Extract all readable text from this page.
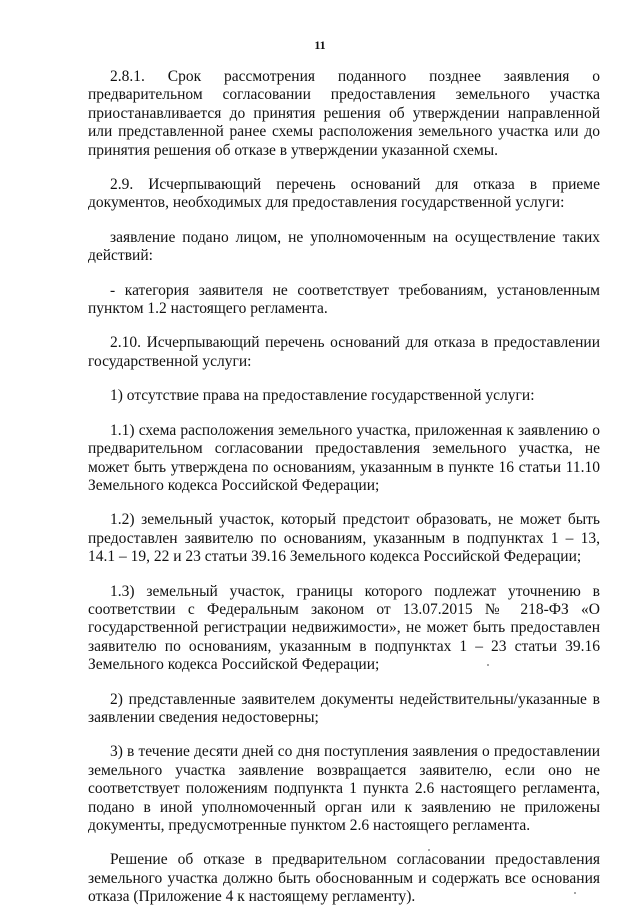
11

2.8.1. Срок рассмотрения поданного позднее заявления о предварительном согласовании предоставления земельного участка приостанавливается до принятия решения об утверждении направленной или представленной ранее схемы расположения земельного участка или до принятия решения об отказе в утверждении указанной схемы.

2.9. Исчерпывающий перечень оснований для отказа в приеме документов, необходимых для предоставления государственной услуги:

заявление подано лицом, не уполномоченным на осуществление таких действий:

- категория заявителя не соответствует требованиям, установленным пунктом 1.2 настоящего регламента.

2.10. Исчерпывающий перечень оснований для отказа в предоставлении государственной услуги:

1) отсутствие права на предоставление государственной услуги:

1.1) схема расположения земельного участка, приложенная к заявлению о предварительном согласовании предоставления земельного участка, не может быть утверждена по основаниям, указанным в пункте 16 статьи 11.10 Земельного кодекса Российской Федерации;

1.2) земельный участок, который предстоит образовать, не может быть предоставлен заявителю по основаниям, указанным в подпунктах 1 – 13, 14.1 – 19, 22 и 23 статьи 39.16 Земельного кодекса Российской Федерации;

1.3) земельный участок, границы которого подлежат уточнению в соответствии с Федеральным законом от 13.07.2015 № 218-ФЗ «О государственной регистрации недвижимости», не может быть предоставлен заявителю по основаниям, указанным в подпунктах 1 – 23 статьи 39.16 Земельного кодекса Российской Федерации;

2) представленные заявителем документы недействительны/указанные в заявлении сведения недостоверны;

3) в течение десяти дней со дня поступления заявления о предоставлении земельного участка заявление возвращается заявителю, если оно не соответствует положениям подпункта 1 пункта 2.6 настоящего регламента, подано в иной уполномоченный орган или к заявлению не приложены документы, предусмотренные пунктом 2.6 настоящего регламента.

Решение об отказе в предварительном согласовании предоставления земельного участка должно быть обоснованным и содержать все основания отказа (Приложение 4 к настоящему регламенту).
